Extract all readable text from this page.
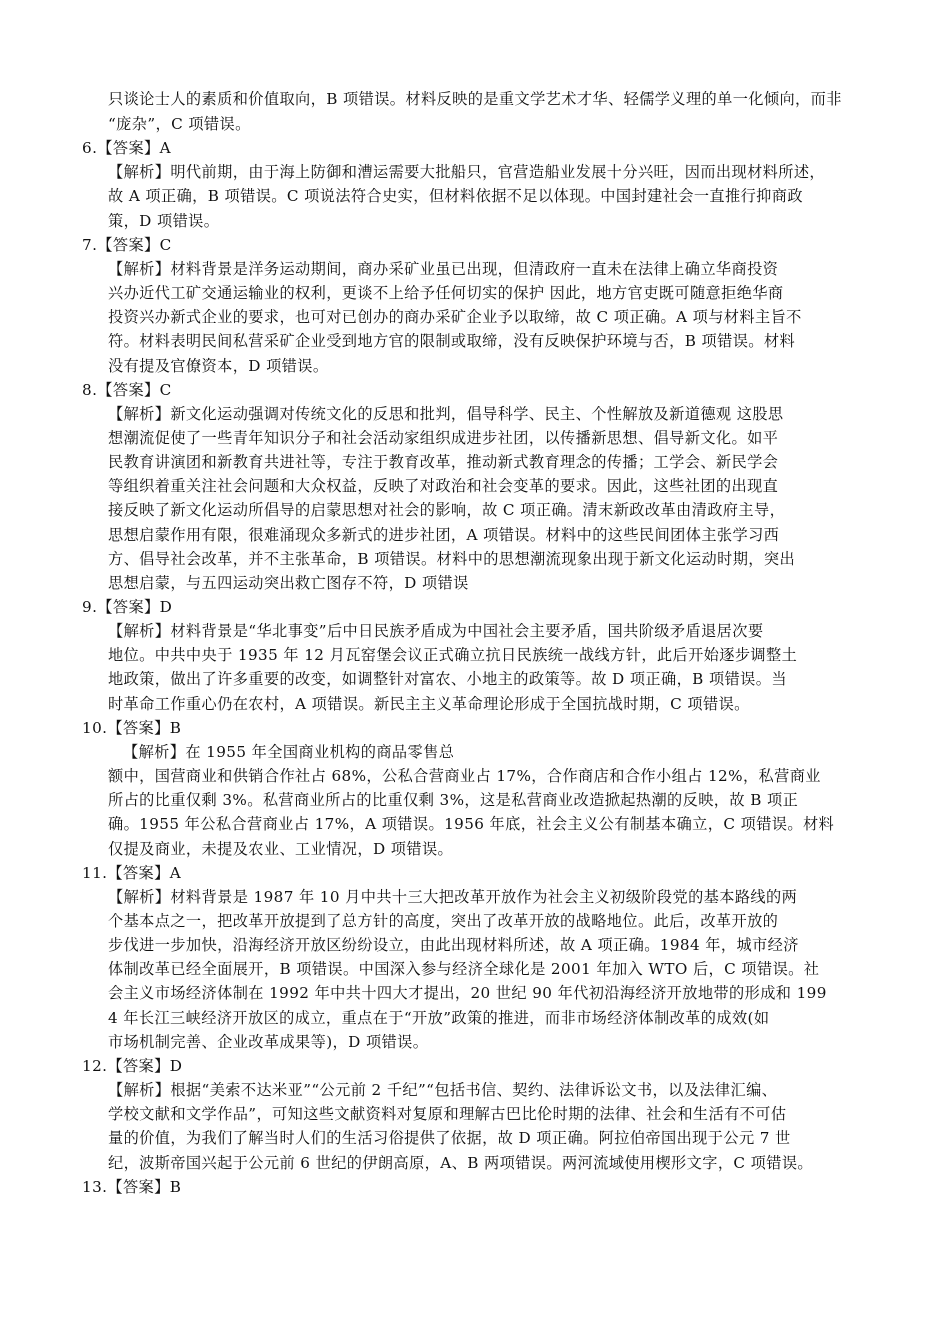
只谈论士人的素质和价值取向，B 项错误。材料反映的是重文学艺术才华、轻儒学义理的单一化倾向，而非
“庞杂”，C 项错误。
6.【答案】A
【解析】明代前期，由于海上防御和漕运需要大批船只，官营造船业发展十分兴旺，因而出现材料所述，
故 A 项正确，B 项错误。C 项说法符合史实，但材料依据不足以体现。中国封建社会一直推行抑商政
策，D 项错误。
7.【答案】C
【解析】材料背景是洋务运动期间，商办采矿业虽已出现，但清政府一直未在法律上确立华商投资
兴办近代工矿交通运输业的权利，更谈不上给予任何切实的保护 因此，地方官吏既可随意拒绝华商
投资兴办新式企业的要求，也可对已创办的商办采矿企业予以取缔，故 C 项正确。A 项与材料主旨不
符。材料表明民间私营采矿企业受到地方官的限制或取缔，没有反映保护环境与否，B 项错误。材料
没有提及官僚资本，D 项错误。
8.【答案】C
【解析】新文化运动强调对传统文化的反思和批判，倡导科学、民主、个性解放及新道德观 这股思
想潮流促使了一些青年知识分子和社会活动家组织成进步社团，以传播新思想、倡导新文化。如平
民教育讲演团和新教育共进社等，专注于教育改革，推动新式教育理念的传播；工学会、新民学会
等组织着重关注社会问题和大众权益，反映了对政治和社会变革的要求。因此，这些社团的出现直
接反映了新文化运动所倡导的启蒙思想对社会的影响，故 C 项正确。清末新政改革由清政府主导，
思想启蒙作用有限，很难涌现众多新式的进步社团，A 项错误。材料中的这些民间团体主张学习西
方、倡导社会改革，并不主张革命，B 项错误。材料中的思想潮流现象出现于新文化运动时期，突出
思想启蒙，与五四运动突出救亡图存不符，D 项错误
9.【答案】D
【解析】材料背景是“华北事变”后中日民族矛盾成为中国社会主要矛盾，国共阶级矛盾退居次要
地位。中共中央于 1935 年 12 月瓦窑堡会议正式确立抗日民族统一战线方针，此后开始逐步调整土
地政策，做出了许多重要的改变，如调整针对富农、小地主的政策等。故 D 项正确，B 项错误。当
时革命工作重心仍在农村，A 项错误。新民主主义革命理论形成于全国抗战时期，C 项错误。
10.【答案】B
【解析】在 1955 年全国商业机构的商品零售总
额中，国营商业和供销合作社占 68%，公私合营商业占 17%，合作商店和合作小组占 12%，私营商业
所占的比重仅剩 3%。私营商业所占的比重仅剩 3%，这是私营商业改造掀起热潮的反映，故 B 项正
确。1955 年公私合营商业占 17%，A 项错误。1956 年底，社会主义公有制基本确立，C 项错误。材料
仅提及商业，未提及农业、工业情况，D 项错误。
11.【答案】A
【解析】材料背景是 1987 年 10 月中共十三大把改革开放作为社会主义初级阶段党的基本路线的两
个基本点之一，把改革开放提到了总方针的高度，突出了改革开放的战略地位。此后，改革开放的
步伐进一步加快，沿海经济开放区纷纷设立，由此出现材料所述，故 A 项正确。1984 年，城市经济
体制改革已经全面展开，B 项错误。中国深入参与经济全球化是 2001 年加入 WTO 后，C 项错误。社
会主义市场经济体制在 1992 年中共十四大才提出，20 世纪 90 年代初沿海经济开放地带的形成和 199
4 年长江三峡经济开放区的成立，重点在于“开放”政策的推进，而非市场经济体制改革的成效(如
市场机制完善、企业改革成果等)，D 项错误。
12.【答案】D
【解析】根据“美索不达米亚”“公元前 2 千纪”“包括书信、契约、法律诉讼文书，以及法律汇编、
学校文献和文学作品”，可知这些文献资料对复原和理解古巴比伦时期的法律、社会和生活有不可估
量的价值，为我们了解当时人们的生活习俗提供了依据，故 D 项正确。阿拉伯帝国出现于公元 7 世
纪，波斯帝国兴起于公元前 6 世纪的伊朗高原，A、B 两项错误。两河流域使用楔形文字，C 项错误。
13.【答案】B
